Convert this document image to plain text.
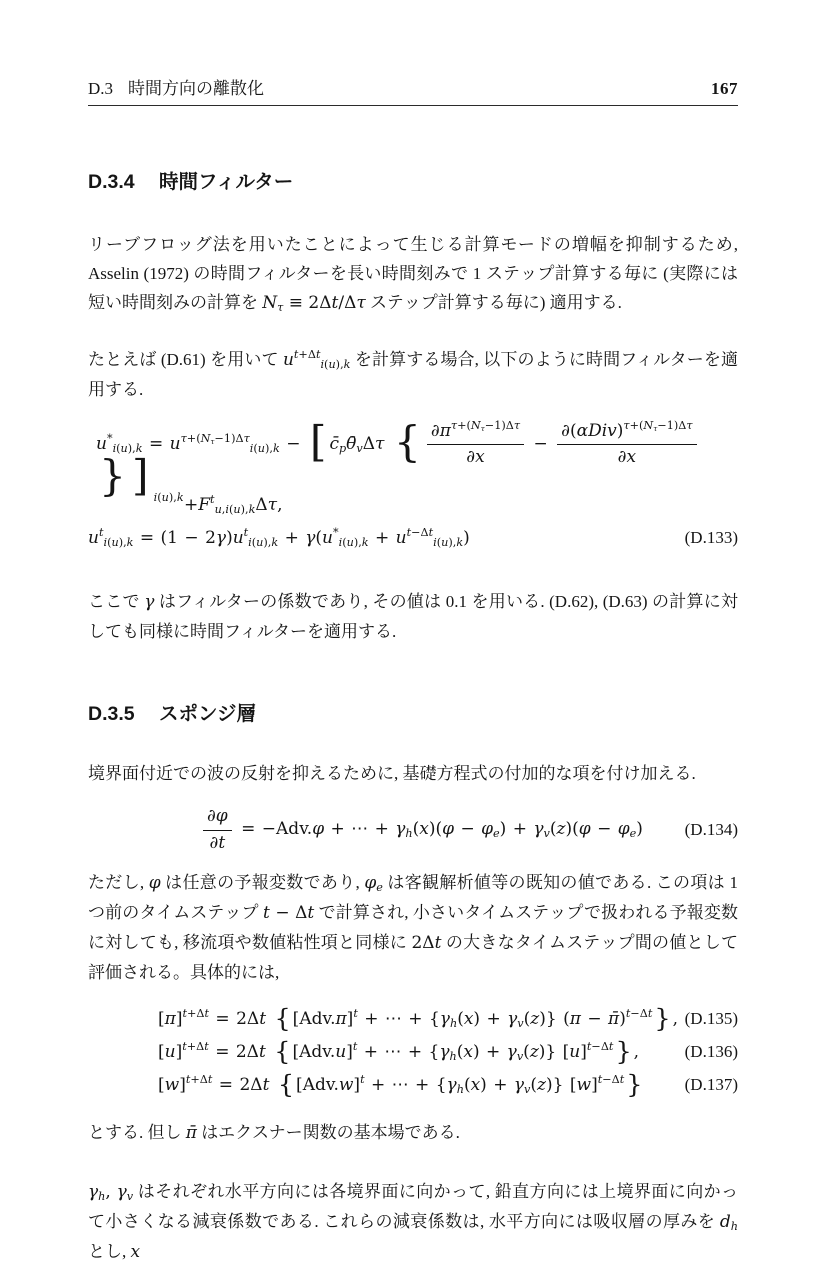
D.3 時間方向の離散化	167
D.3.4 時間フィルター

リーブフロッグ法を用いたことによって生じる計算モードの増幅を抑制するため, Asselin (1972) の時間フィルターを長い時間刻みで 1 ステップ計算する毎に (実際には短い時間刻みの計算を Nτ ≡ 2Δt/Δτ ステップ計算する毎に) 適用する.

たとえば (D.61) を用いて $u^{t+\Delta t}i(u),k$ を計算する場合, 以下のように時間フィルターを適用する.

$u^*i(u),k = u^{\tau+(N\tau-1)\Delta\tau}i(u),k$ − [ c̄pθ̄vΔτ { $\frac{\partial\pi^{\tau+(N\tau-1)\Delta\tau}}{\partial x}$ −
$\partial(\alpha Div)^{\tau+(N\tau-1)\Delta\tau}$
∂x
} ] $_{i(u),k} +F^tu,i(u),k\Delta\tau$,
$u^ti(u),k = (1 - 2\gamma)u^ti(u),k + \gamma(u^*i(u),k + u^{t-\Delta t}i(u),k)$	(D.133)

ここで γ はフィルターの係数であり, その値は 0.1 を用いる. (D.62), (D.63) の計算に対しても同様に時間フィルターを適用する.

D.3.5 スポンジ層

境界面付近での波の反射を抑えるために, 基礎方程式の付加的な項を付け加える.

$\frac{\partial\varphi}{\partial t} = -Adv.\varphi$ + ⋯ + γh(x)(φ − φe) + γv(z)(φ − φe) (D.134)

ただし, φ は任意の予報変数であり, φe は客観解析値等の既知の値である. この項は 1 つ前のタイムステップ t − Δt で計算され, 小さいタイムステップで扱われる予報変数に対しても, 移流項や数値粘性項と同様に 2Δt の大きなタイムステップ間の値として評価される。具体的には,

$[\pi]^{t+\Delta t} = 2\Delta t$ { $[Adv.\pi]^t$ + ⋯ + {γh(x) + γv(z)} (π − π̄)$^{t-\Delta t}$} , (D.135)
$[u]^{t+\Delta t} = 2\Delta t$ { $[Adv.u]^t$ + ⋯ + {γh(x) + γv(z)} $[u]^{t-\Delta t}$} ,	(D.136)
$[w]^{t+\Delta t} = 2\Delta t$ { $[Adv.w]^t$ + ⋯ + {γh(x) + γv(z)} $[w]^{t-\Delta t}$} (D.137)

とする. 但し π̄ はエクスナー関数の基本場である.

γh, γv はそれぞれ水平方向には各境界面に向かって, 鉛直方向には上境界面に向かって小さくなる減衰係数である. これらの減衰係数は, 水平方向には吸収層の厚みを dh とし, x
